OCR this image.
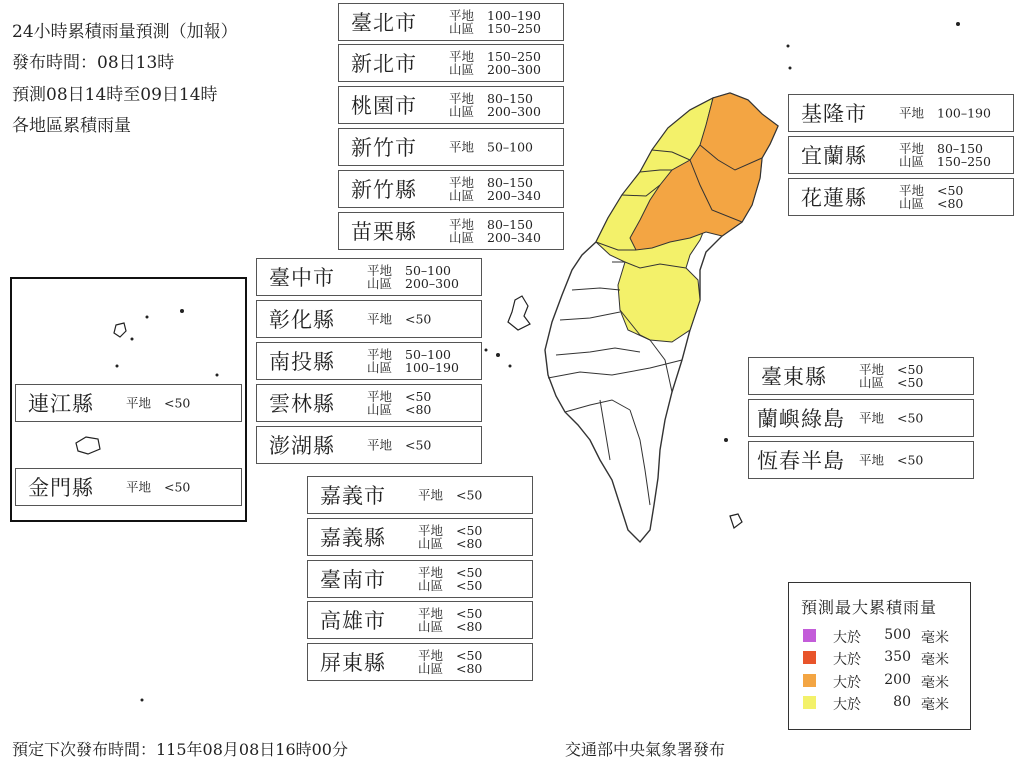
24小時累積雨量預測（加報）
發布時間：08日13時
預測08日14時至09日14時
各地區累積雨量
臺北市	平地 100–190
山區 150–250
新北市	平地 150–250
山區 200–300
桃園市	平地 80–150
山區 200–300
新竹市	平地 50–100
新竹縣	平地 80–150
山區 200–340
苗栗縣	平地 80–150
山區 200–340
臺中市	平地 50–100
山區 200–300
彰化縣	平地 <50
南投縣	平地 50–100
山區 100–190
雲林縣	平地 <50
山區 <80
澎湖縣	平地 <50
嘉義市	平地 <50
嘉義縣	平地 <50
山區 <80
臺南市	平地 <50
山區 <50
高雄市	平地 <50
山區 <80
屏東縣	平地 <50
山區 <80
基隆市	平地 100–190
宜蘭縣	平地 80–150
山區 150–250
花蓮縣	平地 <50
山區 <80
臺東縣	平地 <50
山區 <50
蘭嶼綠島 平地 <50
恆春半島 平地 <50
連江縣	平地 <50
金門縣	平地 <50
預測最大累積雨量
大於	500 毫米
大於	350 毫米
大於	200 毫米
大於	80 毫米
預定下次發布時間：115年08月08日16時00分	交通部中央氣象署發布
